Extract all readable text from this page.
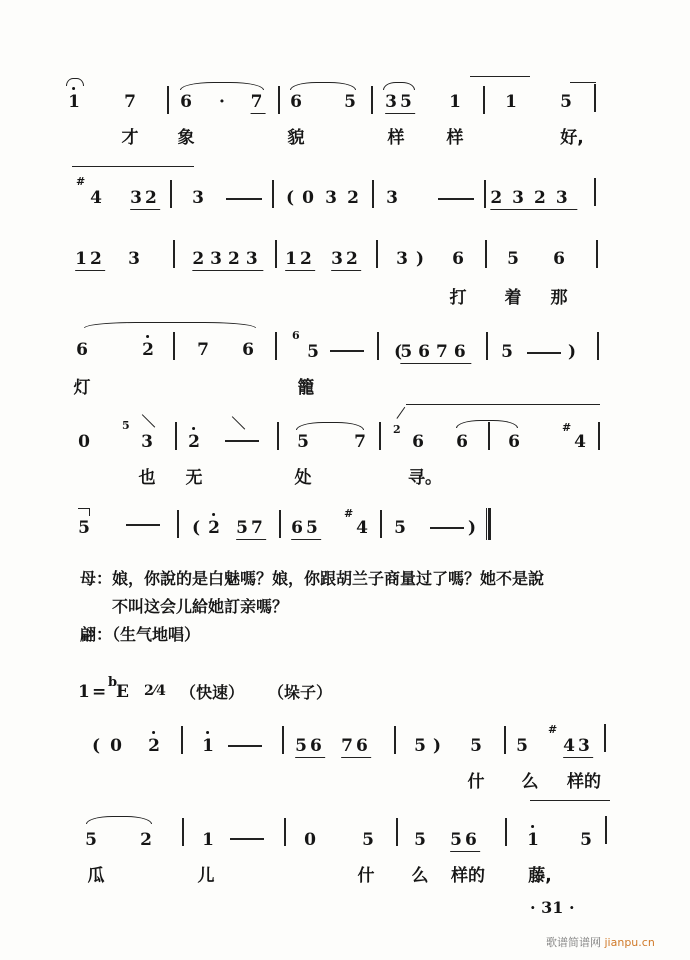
1	7	6 · 7 6 5 35 1	1	5
才 象	貌	样 样	好,
#
4 32 3	( 0 3 2 3	2323
12 3	2323 12 32 3 ) 6	5 6
打 着 那
6	2	7 6
6
5	(
5676 5	)
灯	籠
0
5
3 2	5	7
2
6 6 6
#
4
也 无	处	寻。
5	( 2 57 65
#
4 5	)
母：娘，你說的是白魅嗎？娘，你跟胡兰子商量过了嗎？她不是說
不叫这会儿給她訂亲嗎？
翩：（生气地唱）
1 = b
E 2⁄4 （快速） （垛子）
( 0 2 1	56 76	5 ) 5 5
#
43
什 么 样的
5	2	1	0	5 5 56	1 5
瓜	儿	什 么 样的	藤,
· 31 ·
歌谱简谱网 jianpu.cn
